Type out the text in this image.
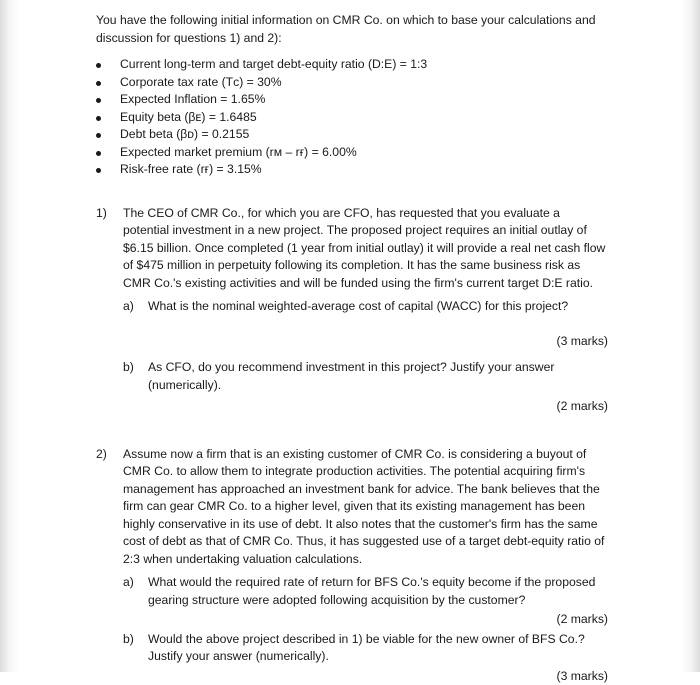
You have the following initial information on CMR Co. on which to base your calculations and discussion for questions 1) and 2):

Current long-term and target debt-equity ratio (D:E) = 1:3
Corporate tax rate (Tᴄ) = 30%
Expected Inflation = 1.65%
Equity beta (βᴇ) = 1.6485
Debt beta (βᴅ) = 0.2155
Expected market premium (rᴍ – rғ) = 6.00%
Risk-free rate (rғ) = 3.15%
1) The CEO of CMR Co., for which you are CFO, has requested that you evaluate a potential investment in a new project. The proposed project requires an initial outlay of $6.15 billion. Once completed (1 year from initial outlay) it will provide a real net cash flow of $475 million in perpetuity following its completion. It has the same business risk as CMR Co.'s existing activities and will be funded using the firm's current target D:E ratio.
a) What is the nominal weighted-average cost of capital (WACC) for this project?
(3 marks)
b) As CFO, do you recommend investment in this project? Justify your answer (numerically).
(2 marks)
2) Assume now a firm that is an existing customer of CMR Co. is considering a buyout of CMR Co. to allow them to integrate production activities. The potential acquiring firm's management has approached an investment bank for advice. The bank believes that the firm can gear CMR Co. to a higher level, given that its existing management has been highly conservative in its use of debt. It also notes that the customer's firm has the same cost of debt as that of CMR Co. Thus, it has suggested use of a target debt-equity ratio of 2:3 when undertaking valuation calculations.
a) What would the required rate of return for BFS Co.'s equity become if the proposed gearing structure were adopted following acquisition by the customer?
(2 marks)
b) Would the above project described in 1) be viable for the new owner of BFS Co.? Justify your answer (numerically).
(3 marks)
